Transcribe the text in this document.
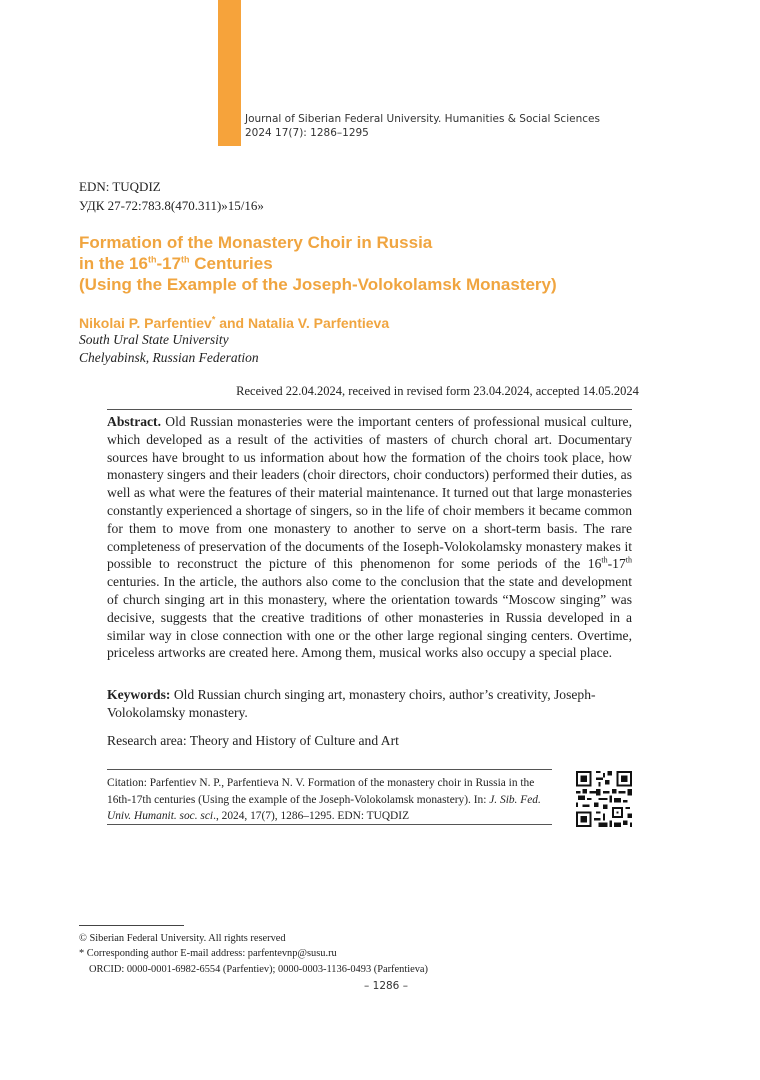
Journal of Siberian Federal University. Humanities & Social Sciences
2024 17(7): 1286–1295
EDN: TUQDIZ
УДК 27-72:783.8(470.311)»15/16»
Formation of the Monastery Choir in Russia
in the 16th-17th Centuries
(Using the Example of the Joseph-Volokolamsk Monastery)
Nikolai P. Parfentiev* and Natalia V. Parfentieva
South Ural State University
Chelyabinsk, Russian Federation
Received 22.04.2024, received in revised form 23.04.2024, accepted 14.05.2024

Abstract. Old Russian monasteries were the important centers of professional musical culture, which developed as a result of the activities of masters of church choral art. Documentary sources have brought to us information about how the formation of the choirs took place, how monastery singers and their leaders (choir directors, choir conductors) performed their duties, as well as what were the features of their material maintenance. It turned out that large monasteries constantly experienced a shortage of singers, so in the life of choir members it became common for them to move from one monastery to another to serve on a short-term basis. The rare completeness of preservation of the documents of the Ioseph-Volokolamsky monastery makes it possible to reconstruct the picture of this phenomenon for some periods of the 16th-17th centuries. In the article, the authors also come to the conclusion that the state and development of church singing art in this monastery, where the orientation towards “Moscow singing” was decisive, suggests that the creative traditions of other monasteries in Russia developed in a similar way in close connection with one or the other large regional singing centers. Overtime, priceless artworks are created here. Among them, musical works also occupy a special place.

Keywords: Old Russian church singing art, monastery choirs, author’s creativity, Joseph-Volokolamsky monastery.

Research area: Theory and History of Culture and Art

Citation: Parfentiev N. P., Parfentieva N. V. Formation of the monastery choir in Russia in the 16th-17th centuries (Using the example of the Joseph-Volokolamsk monastery). In: J. Sib. Fed. Univ. Humanit. soc. sci., 2024, 17(7), 1286–1295. EDN: TUQDIZ

© Siberian Federal University. All rights reserved
* Corresponding author E-mail address: parfentevnp@susu.ru
ORCID: 0000-0001-6982-6554 (Parfentiev); 0000-0003-1136-0493 (Parfentieva)
– 1286 –
